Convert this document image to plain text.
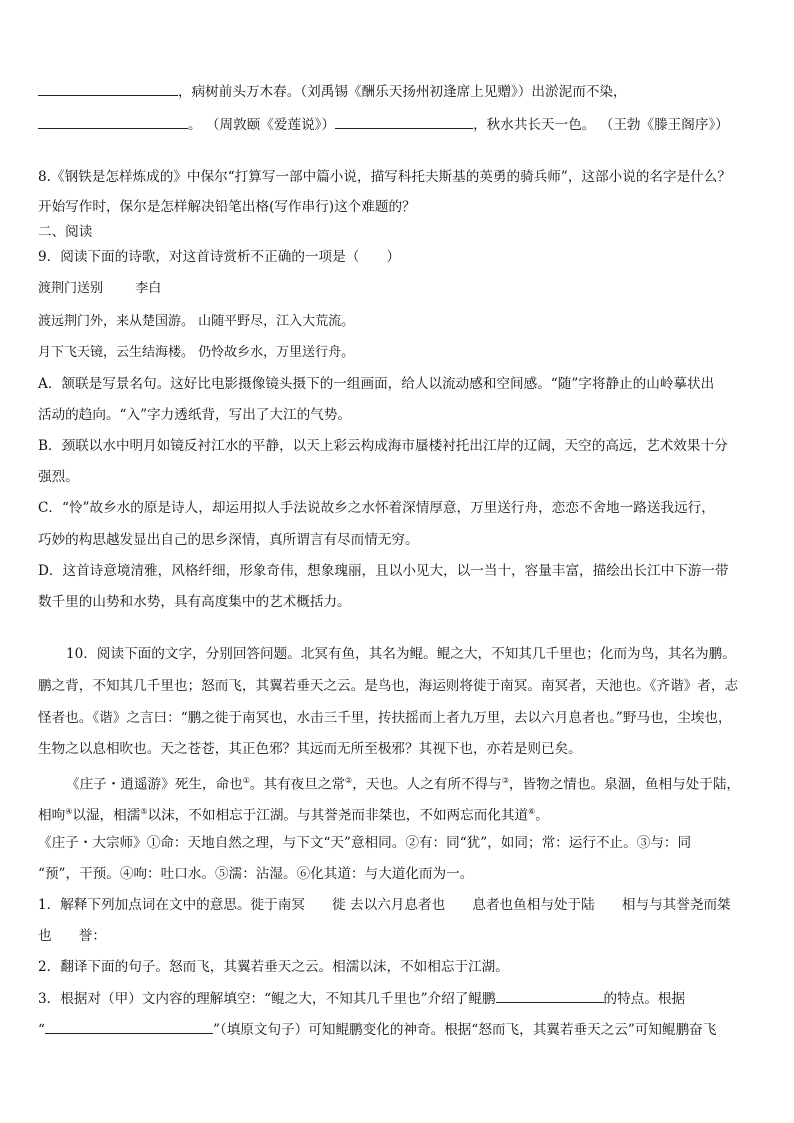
，病树前头万木春。（刘禹锡《酬乐天扬州初逢席上见赠》）出淤泥而不染，
。 （周敦颐《爱莲说》）	，秋水共长天一色。 （王勃《滕王阁序》）
8.《钢铁是怎样炼成的》中保尔“打算写一部中篇小说，描写科托夫斯基的英勇的骑兵师”，这部小说的名字是什么？
开始写作时，保尔是怎样解决铅笔出格(写作串行)这个难题的？
二、阅读
9．阅读下面的诗歌，对这首诗赏析不正确的一项是（　　）
渡荆门送别 李白
渡远荆门外，来从楚国游。 山随平野尽，江入大荒流。
月下飞天镜，云生结海楼。 仍怜故乡水，万里送行舟。
A．颔联是写景名句。这好比电影摄像镜头摄下的一组画面，给人以流动感和空间感。“随”字将静止的山岭摹状出
活动的趋向。“入”字力透纸背，写出了大江的气势。
B．颈联以水中明月如镜反衬江水的平静，以天上彩云构成海市蜃楼衬托出江岸的辽阔，天空的高远，艺术效果十分
强烈。
C．“怜”故乡水的原是诗人，却运用拟人手法说故乡之水怀着深情厚意，万里送行舟，恋恋不舍地一路送我远行，
巧妙的构思越发显出自己的思乡深情，真所谓言有尽而情无穷。
D．这首诗意境清雅，风格纤细，形象奇伟，想象瑰丽，且以小见大，以一当十，容量丰富，描绘出长江中下游一带
数千里的山势和水势，具有高度集中的艺术概括力。
10．阅读下面的文字，分别回答问题。北冥有鱼，其名为鲲。鲲之大，不知其几千里也；化而为鸟，其名为鹏。
鹏之背，不知其几千里也；怒而飞，其翼若垂天之云。是鸟也，海运则将徙于南冥。南冥者，天池也。《齐谐》者，志
怪者也。《谐》之言曰：“鹏之徙于南冥也，水击三千里，抟扶摇而上者九万里，去以六月息者也。”野马也，尘埃也，
生物之以息相吹也。天之苍苍，其正色邪？其远而无所至极邪？其视下也，亦若是则已矣。
《庄子・逍遥游》死生，命也①。其有夜旦之常②，天也。人之有所不得与③，皆物之情也。泉涸，鱼相与处于陆，
相呴④以湿，相濡⑤以沫，不如相忘于江湖。与其誉尧而非桀也，不如两忘而化其道⑥。
《庄子・大宗师》①命：天地自然之理，与下文“天”意相同。②有：同“犹”，如同；常：运行不止。③与：同
“预”，干预。④呴：吐口水。⑤濡：沾湿。⑥化其道：与大道化而为一。
1．解释下列加点词在文中的意思。徙于南冥　　徙 去以六月息者也　　息者也鱼相与处于陆　　相与与其誉尧而桀
也　　誉：
2．翻译下面的句子。怒而飞，其翼若垂天之云。相濡以沫，不如相忘于江湖。
3．根据对（甲）文内容的理解填空：“鲲之大，不知其几千里也”介绍了鲲鹏	的特点。根据
“	”（填原文句子）可知鲲鹏变化的神奇。根据“怒而飞，其翼若垂天之云”可知鲲鹏奋飞
